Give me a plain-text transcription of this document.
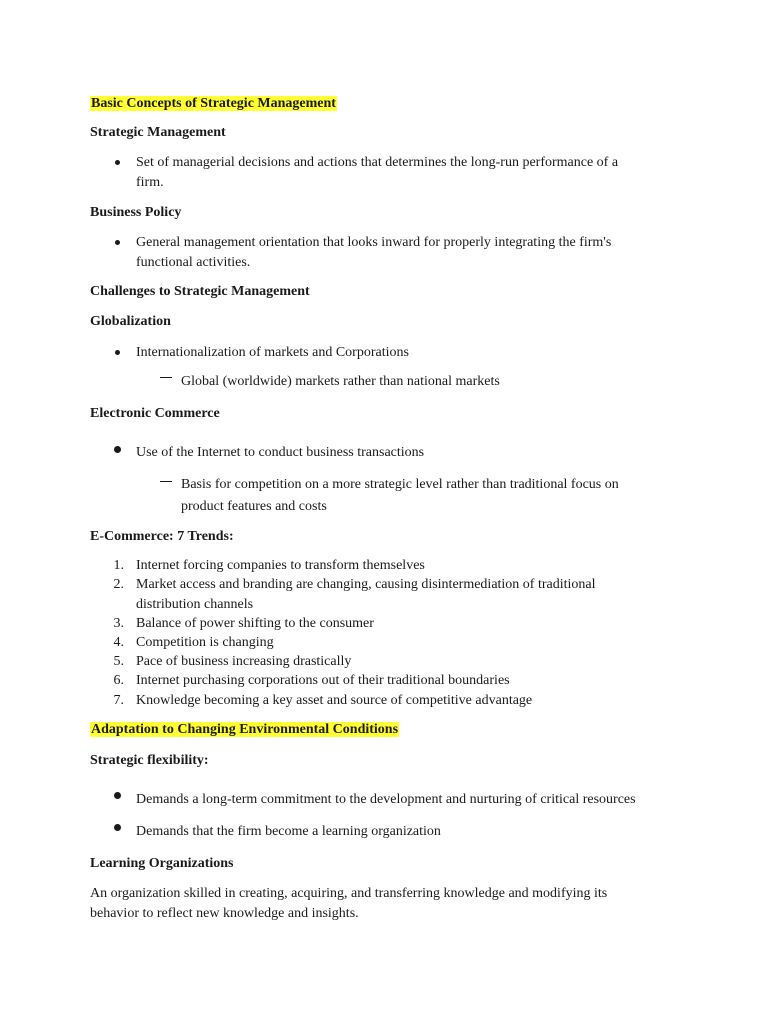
Basic Concepts of Strategic Management
Strategic Management
Set of managerial decisions and actions that determines the long-run performance of a
firm.
Business Policy
General management orientation that looks inward for properly integrating the firm's
functional activities.
Challenges to Strategic Management
Globalization
Internationalization of markets and Corporations
Global (worldwide) markets rather than national markets
Electronic Commerce
Use of the Internet to conduct business transactions
Basis for competition on a more strategic level rather than traditional focus on
product features and costs
E-Commerce: 7 Trends:
1. Internet forcing companies to transform themselves
2. Market access and branding are changing, causing disintermediation of traditional
distribution channels
3. Balance of power shifting to the consumer
4. Competition is changing
5. Pace of business increasing drastically
6. Internet purchasing corporations out of their traditional boundaries
7. Knowledge becoming a key asset and source of competitive advantage
Adaptation to Changing Environmental Conditions
Strategic flexibility:
Demands a long-term commitment to the development and nurturing of critical resources
Demands that the firm become a learning organization
Learning Organizations
An organization skilled in creating, acquiring, and transferring knowledge and modifying its
behavior to reflect new knowledge and insights.
